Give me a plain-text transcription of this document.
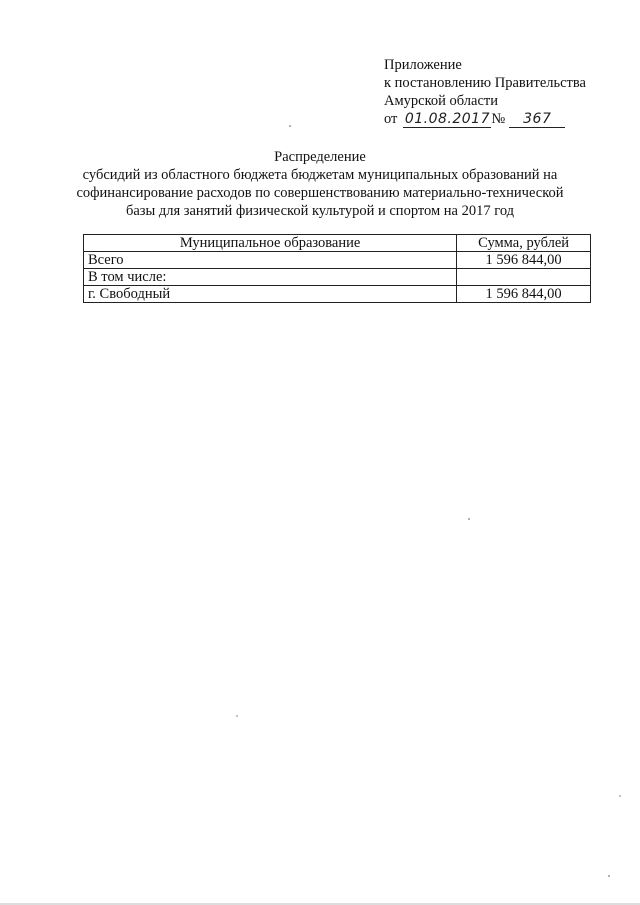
Приложение
к постановлению Правительства
Амурской области
от 01.08.2017 №	367
Распределение
субсидий из областного бюджета бюджетам муниципальных образований на
софинансирование расходов по совершенствованию материально-технической
базы для занятий физической культурой и спортом на 2017 год
Муниципальное образование	Сумма, рублей
Всего	1 596 844,00
В том числе:	
г. Свободный	1 596 844,00
